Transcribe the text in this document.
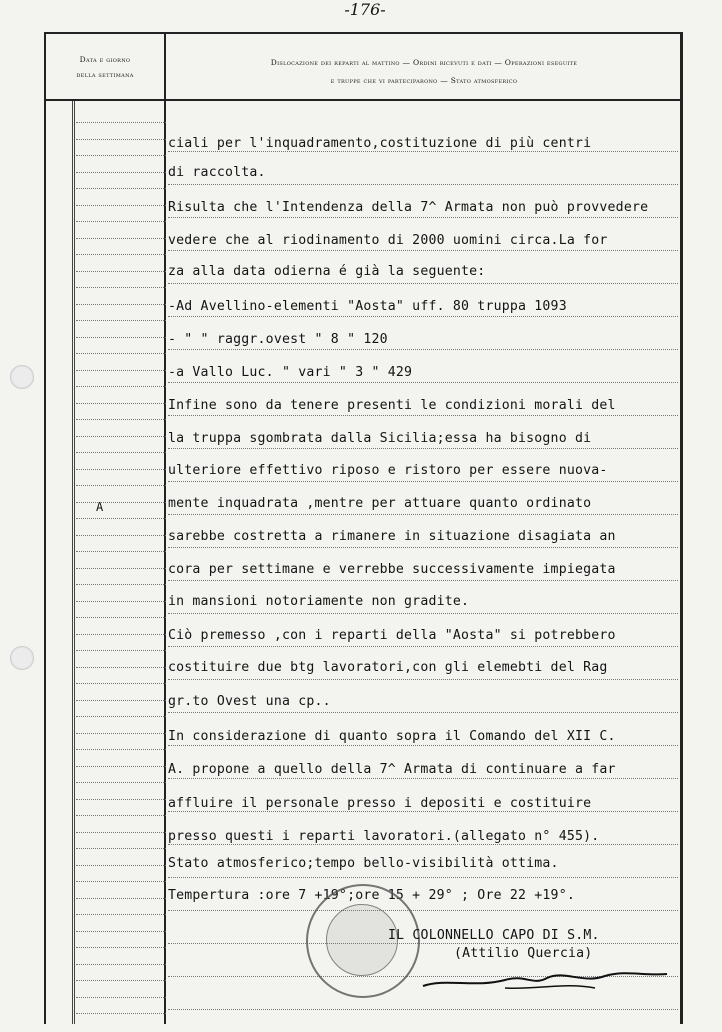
-176-
Data e giorno
della settimana
Dislocazione dei reparti al mattino — Ordini ricevuti e dati — Operazioni eseguite
e truppe che vi parteciparono — Stato atmosferico
A
ciali per l'inquadramento,costituzione di più centri
di raccolta.
Risulta che l'Intendenza della 7^ Armata non può provvedere
vedere che al riodinamento di 2000 uomini circa.La for
za alla data odierna é già la seguente:
-Ad Avellino-elementi "Aosta" uff. 80 truppa 1093
- " " raggr.ovest " 8 " 120
-a Vallo Luc. " vari " 3 " 429
Infine sono da tenere presenti le condizioni morali del
la truppa sgombrata dalla Sicilia;essa ha bisogno di
ulteriore effettivo riposo e ristoro per essere nuova-
mente inquadrata ,mentre per attuare quanto ordinato
sarebbe costretta a rimanere in situazione disagiata an
cora per settimane e verrebbe successivamente impiegata
in mansioni notoriamente non gradite.
Ciò premesso ,con i reparti della "Aosta" si potrebbero
costituire due btg lavoratori,con gli elemebti del Rag
gr.to Ovest una cp..
In considerazione di quanto sopra il Comando del XII C.
A. propone a quello della 7^ Armata di continuare a far
affluire il personale presso i depositi e costituire
presso questi i reparti lavoratori.(allegato n° 455).
Stato atmosferico;tempo bello-visibilità ottima.
Tempertura :ore 7 +19°;ore 15 + 29° ; Ore 22 +19°.
IL COLONNELLO CAPO DI S.M.
(Attilio Quercia)
